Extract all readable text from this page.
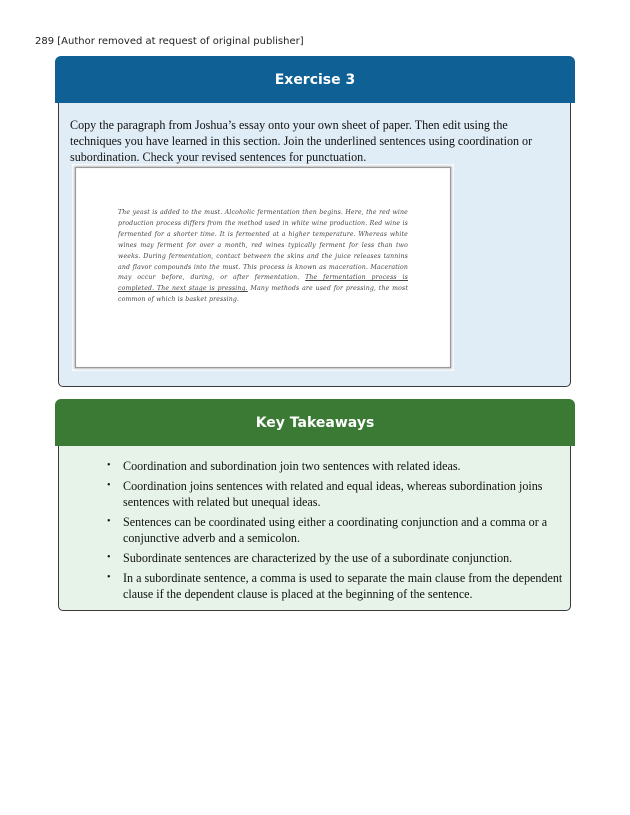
289 [Author removed at request of original publisher]
Exercise 3
Copy the paragraph from Joshua’s essay onto your own sheet of paper. Then edit using the techniques you have learned in this section. Join the underlined sentences using coordination or subordination. Check your revised sentences for punctuation.
The yeast is added to the must. Alcoholic fermentation then begins. Here, the red wine production process differs from the method used in white wine production. Red wine is fermented for a shorter time. It is fermented at a higher temperature. Whereas white wines may ferment for over a month, red wines typically ferment for less than two weeks. During fermentation, contact between the skins and the juice releases tannins and flavor compounds into the must. This process is known as maceration. Maceration may occur before, during, or after fermentation. The fermentation process is completed. The next stage is pressing. Many methods are used for pressing, the most common of which is basket pressing.
Key Takeaways
• Coordination and subordination join two sentences with related ideas.
• Coordination joins sentences with related and equal ideas, whereas subordination joins sentences with related but unequal ideas.
• Sentences can be coordinated using either a coordinating conjunction and a comma or a conjunctive adverb and a semicolon.
• Subordinate sentences are characterized by the use of a subordinate conjunction.
• In a subordinate sentence, a comma is used to separate the main clause from the dependent clause if the dependent clause is placed at the beginning of the sentence.
